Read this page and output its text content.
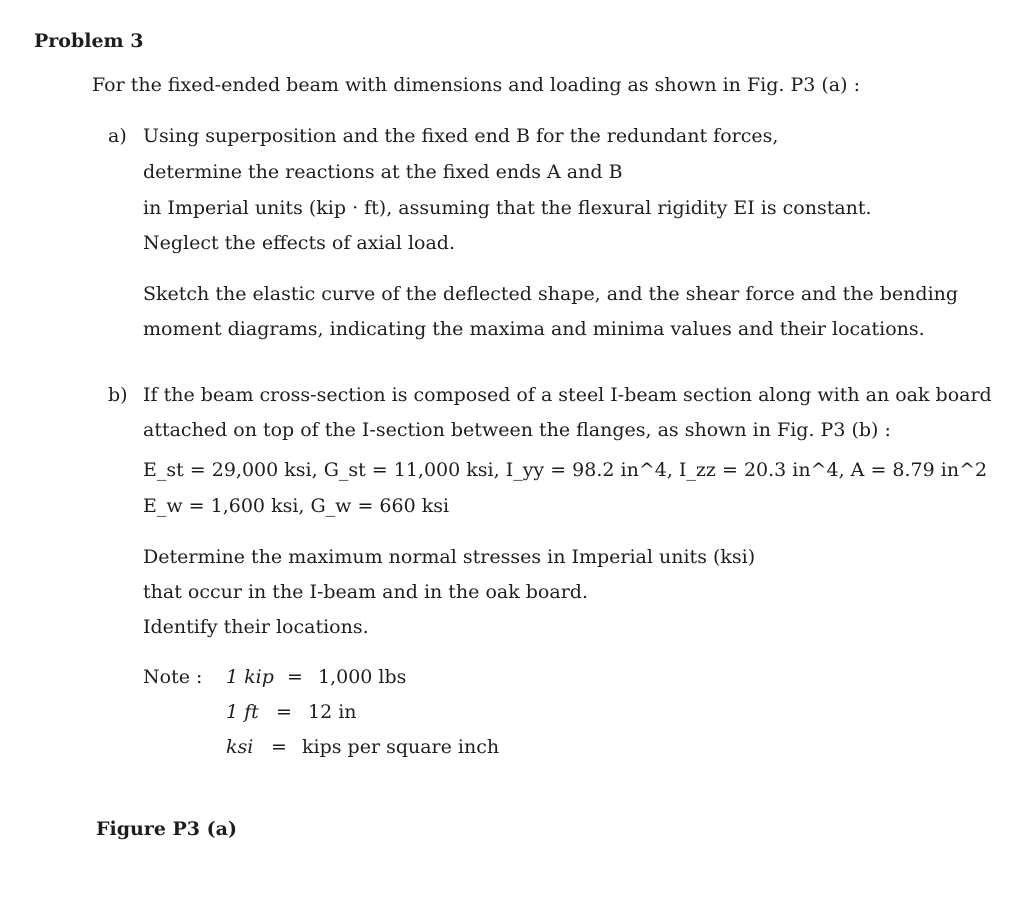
Problem 3
For the fixed-ended beam with dimensions and loading as shown in Fig. P3 (a) :
a) Using superposition and the fixed end B for the redundant forces,
determine the reactions at the fixed ends A and B
in Imperial units (kip · ft), assuming that the flexural rigidity EI is constant.
Neglect the effects of axial load.
Sketch the elastic curve of the deflected shape, and the shear force and the bending
moment diagrams, indicating the maxima and minima values and their locations.
b) If the beam cross-section is composed of a steel I-beam section along with an oak board
attached on top of the I-section between the flanges, as shown in Fig. P3 (b) :
E_st = 29,000 ksi, G_st = 11,000 ksi, I_yy = 98.2 in^4, I_zz = 20.3 in^4, A = 8.79 in^2
E_w = 1,600 ksi, G_w = 660 ksi
Determine the maximum normal stresses in Imperial units (ksi)
that occur in the I-beam and in the oak board.
Identify their locations.
Note : 1 kip = 1,000 lbs
1 ft = 12 in
ksi = kips per square inch
Figure P3 (a)
